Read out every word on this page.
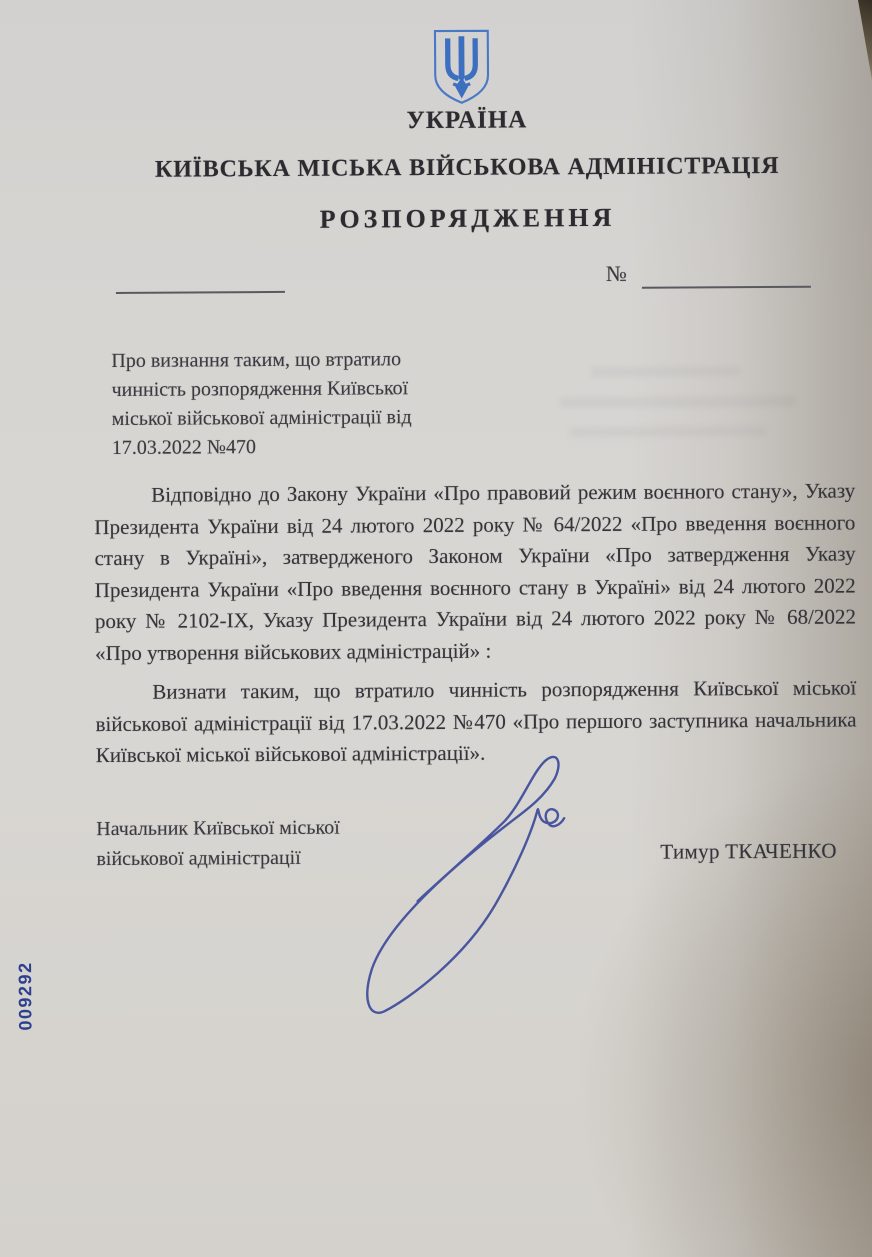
УКРАЇНА
КИЇВСЬКА МІСЬКА ВІЙСЬКОВА АДМІНІСТРАЦІЯ
РОЗПОРЯДЖЕННЯ
№
Про визнання таким, що втратило
чинність розпорядження Київської
міської військової адміністрації від
17.03.2022 №470

Відповідно до Закону України «Про правовий режим воєнного стану», Указу Президента України від 24 лютого 2022 року № 64/2022 «Про введення воєнного стану в Україні», затвердженого Законом України «Про затвердження Указу Президента України «Про введення воєнного стану в Україні» від 24 лютого 2022 року № 2102-IX, Указу Президента України від 24 лютого 2022 року № 68/2022 «Про утворення військових адміністрацій» :

Визнати таким, що втратило чинність розпорядження Київської міської військової адміністрації від 17.03.2022 №470 «Про першого заступника начальника Київської міської військової адміністрації».

Начальник Київської міської
військової адміністрації	Тимур ТКАЧЕНКО
009292
